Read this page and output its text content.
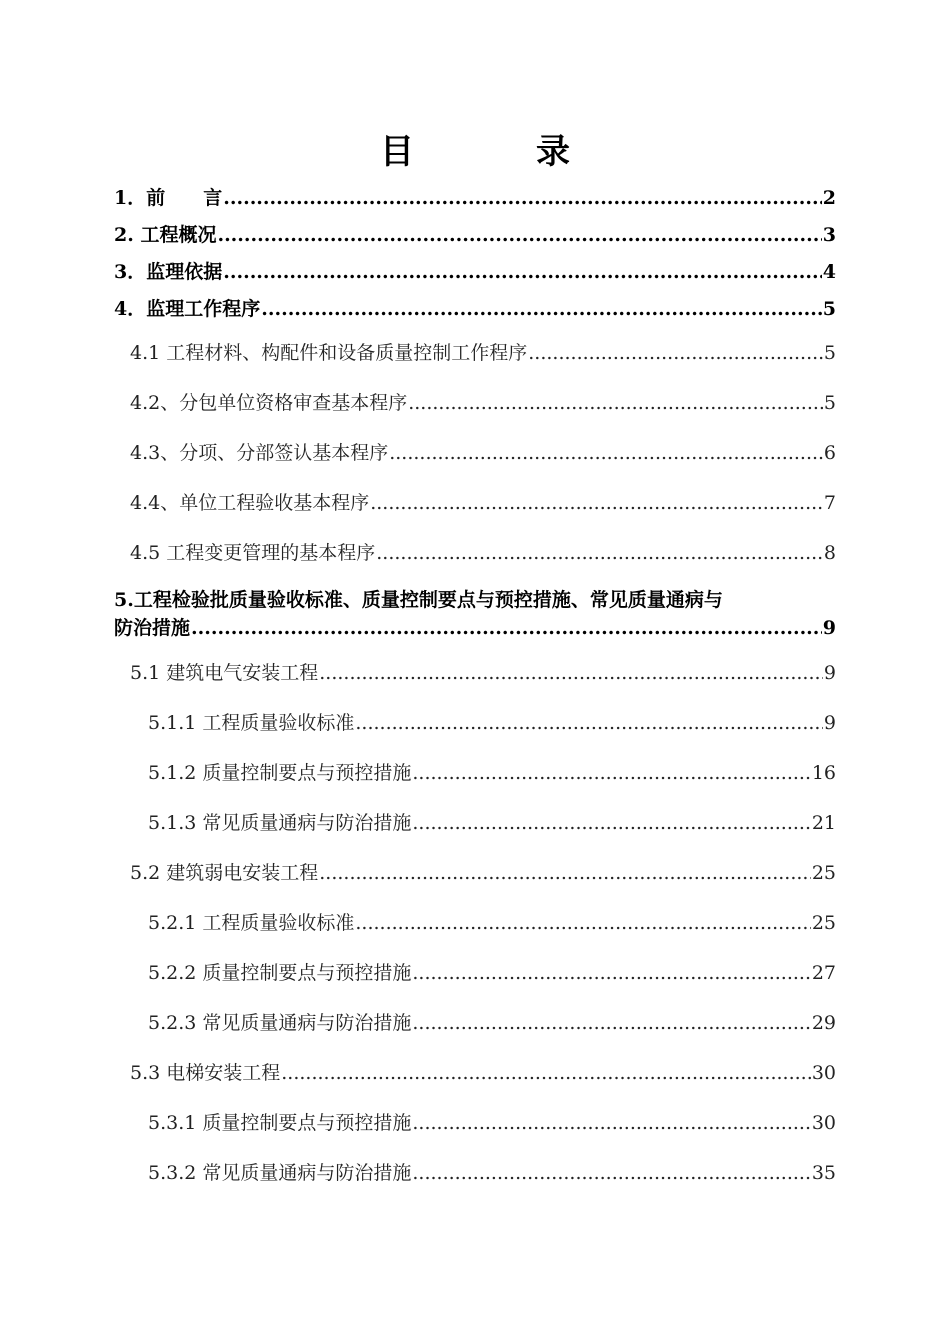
目　录
1．前　　言 .....	2
2. 工程概况 .....	3
3．监理依据 .....	4
4．监理工作程序 .....	5
4.1 工程材料、构配件和设备质量控制工作程序 .....	5
4.2、分包单位资格审查基本程序 .....	5
4.3、分项、分部签认基本程序 .....	6
4.4、单位工程验收基本程序 .....	7
4.5 工程变更管理的基本程序 .....	8
5.工程检验批质量验收标准、质量控制要点与预控措施、常见质量通病与
防治措施 .....	9
5.1 建筑电气安装工程 .....	9
5.1.1 工程质量验收标准 .....	9
5.1.2 质量控制要点与预控措施 .....	16
5.1.3 常见质量通病与防治措施 .....	21
5.2 建筑弱电安装工程 .....	25
5.2.1 工程质量验收标准 .....	25
5.2.2 质量控制要点与预控措施 .....	27
5.2.3 常见质量通病与防治措施 .....	29
5.3 电梯安装工程 .....	30
5.3.1 质量控制要点与预控措施 .....	30
5.3.2 常见质量通病与防治措施 .....	35
